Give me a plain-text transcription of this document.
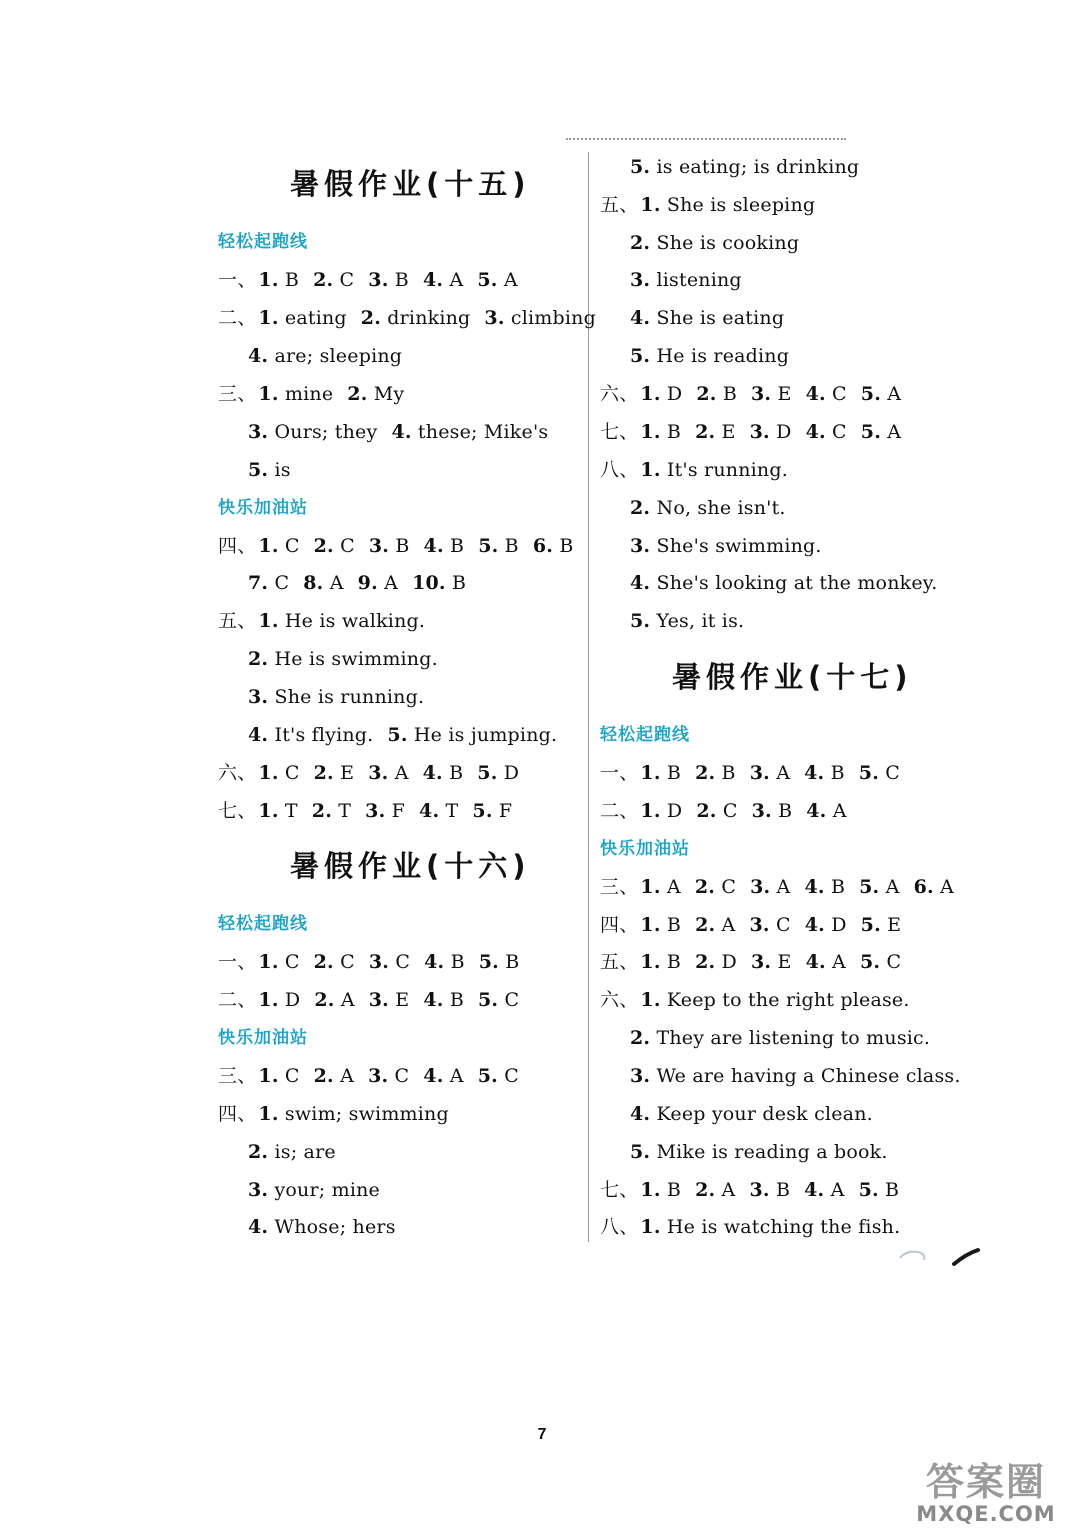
暑假作业(十五)
轻松起跑线
一、 1. B 2. C 3. B 4. A 5. A
二、 1. eating 2. drinking 3. climbing
4. are; sleeping
三、 1. mine 2. My
3. Ours; they 4. these; Mike's
5. is
快乐加油站
四、 1. C 2. C 3. B 4. B 5. B 6. B
7. C 8. A 9. A 10. B
五、 1. He is walking.
2. He is swimming.
3. She is running.
4. It's flying. 5. He is jumping.
六、 1. C 2. E 3. A 4. B 5. D
七、 1. T 2. T 3. F 4. T 5. F
暑假作业(十六)
轻松起跑线
一、 1. C 2. C 3. C 4. B 5. B
二、 1. D 2. A 3. E 4. B 5. C
快乐加油站
三、 1. C 2. A 3. C 4. A 5. C
四、 1. swim; swimming
2. is; are
3. your; mine
4. Whose; hers
5. is eating; is drinking
五、 1. She is sleeping
2. She is cooking
3. listening
4. She is eating
5. He is reading
六、 1. D 2. B 3. E 4. C 5. A
七、 1. B 2. E 3. D 4. C 5. A
八、 1. It's running.
2. No, she isn't.
3. She's swimming.
4. She's looking at the monkey.
5. Yes, it is.
暑假作业(十七)
轻松起跑线
一、 1. B 2. B 3. A 4. B 5. C
二、 1. D 2. C 3. B 4. A
快乐加油站
三、 1. A 2. C 3. A 4. B 5. A 6. A
四、 1. B 2. A 3. C 4. D 5. E
五、 1. B 2. D 3. E 4. A 5. C
六、 1. Keep to the right please.
2. They are listening to music.
3. We are having a Chinese class.
4. Keep your desk clean.
5. Mike is reading a book.
七、 1. B 2. A 3. B 4. A 5. B
八、 1. He is watching the fish.
7
答案圈
MXQE.COM
